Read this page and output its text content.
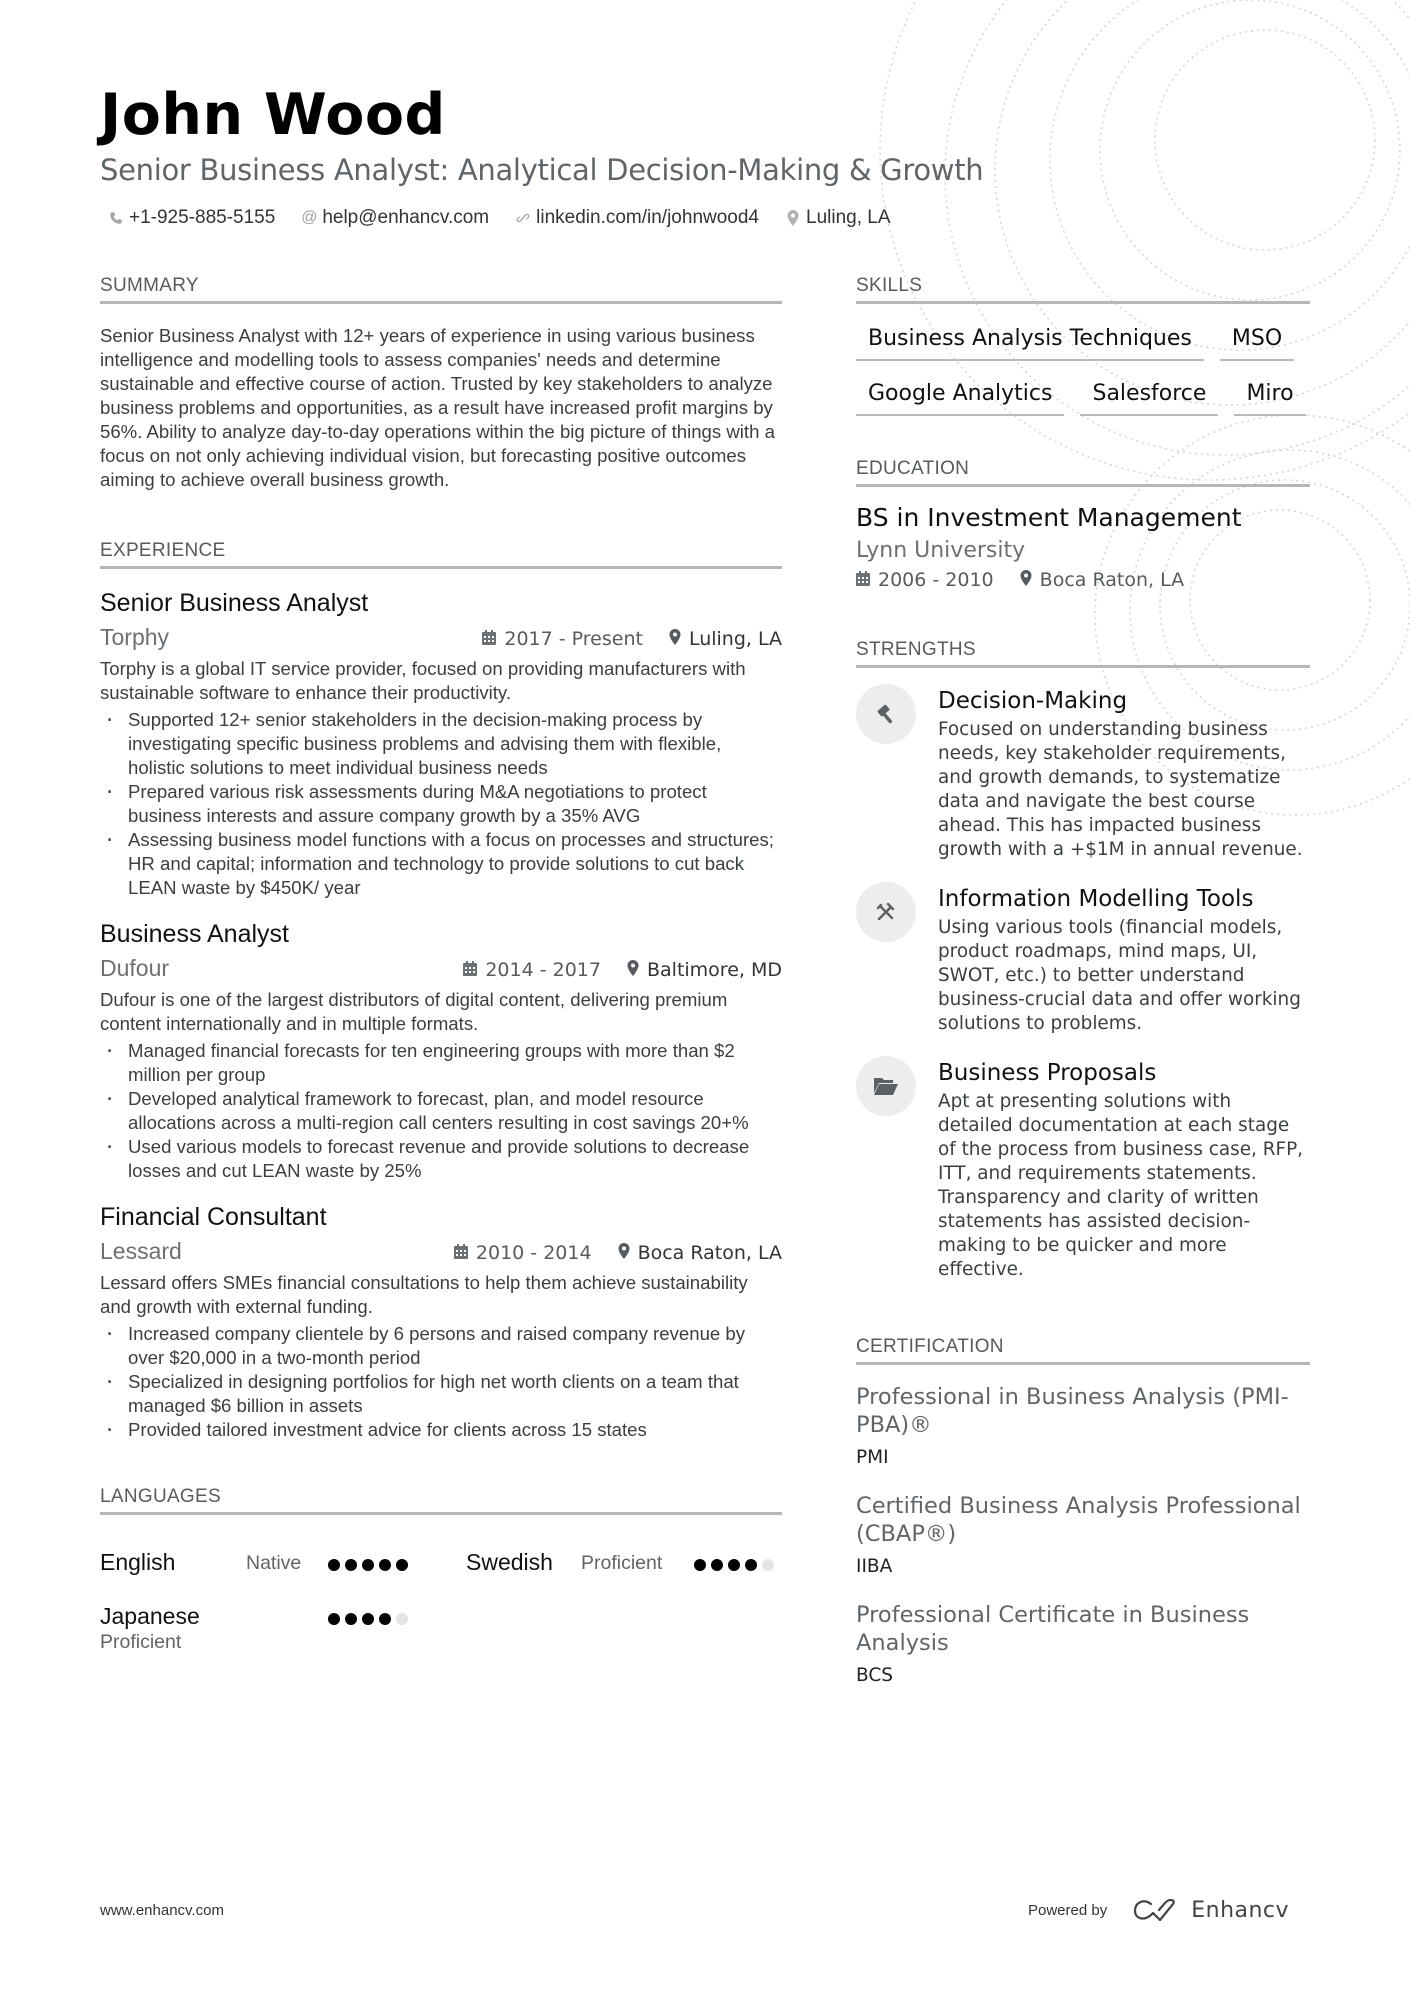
John Wood
Senior Business Analyst: Analytical Decision-Making & Growth
+1-925-885-5155 @ help@enhancv.com linkedin.com/in/johnwood4 Luling, LA
SUMMARY

Senior Business Analyst with 12+ years of experience in using various business intelligence and modelling tools to assess companies' needs and determine sustainable and effective course of action. Trusted by key stakeholders to analyze business problems and opportunities, as a result have increased profit margins by 56%. Ability to analyze day-to-day operations within the big picture of things with a focus on not only achieving individual vision, but forecasting positive outcomes aiming to achieve overall business growth.

EXPERIENCE
Senior Business Analyst
Torphy	2017 - Present Luling, LA

Torphy is a global IT service provider, focused on providing manufacturers with sustainable software to enhance their productivity.

· Supported 12+ senior stakeholders in the decision-making process by investigating specific business problems and advising them with flexible, holistic solutions to meet individual business needs
· Prepared various risk assessments during M&A negotiations to protect business interests and assure company growth by a 35% AVG
· Assessing business model functions with a focus on processes and structures; HR and capital; information and technology to provide solutions to cut back LEAN waste by $450K/ year
Business Analyst
Dufour	2014 - 2017 Baltimore, MD

Dufour is one of the largest distributors of digital content, delivering premium content internationally and in multiple formats.

· Managed financial forecasts for ten engineering groups with more than $2 million per group
· Developed analytical framework to forecast, plan, and model resource allocations across a multi-region call centers resulting in cost savings 20+%
· Used various models to forecast revenue and provide solutions to decrease losses and cut LEAN waste by 25%
Financial Consultant
Lessard	2010 - 2014 Boca Raton, LA

Lessard offers SMEs financial consultations to help them achieve sustainability and growth with external funding.

· Increased company clientele by 6 persons and raised company revenue by over $20,000 in a two-month period
· Specialized in designing portfolios for high net worth clients on a team that managed $6 billion in assets
· Provided tailored investment advice for clients across 15 states
LANGUAGES
English	Native	Swedish Proficient
Japanese
Proficient
SKILLS
Business Analysis Techniques	MSO
Google Analytics	Salesforce	Miro
EDUCATION
BS in Investment Management
Lynn University
2006 - 2010 Boca Raton, LA
STRENGTHS
Decision-Making
Focused on understanding business needs, key stakeholder requirements, and growth demands, to systematize data and navigate the best course ahead. This has impacted business growth with a +$1M in annual revenue.
Information Modelling Tools
Using various tools (financial models, product roadmaps, mind maps, UI, SWOT, etc.) to better understand business-crucial data and offer working solutions to problems.
Business Proposals
Apt at presenting solutions with detailed documentation at each stage of the process from business case, RFP, ITT, and requirements statements. Transparency and clarity of written statements has assisted decision-making to be quicker and more effective.
CERTIFICATION
Professional in Business Analysis (PMI-PBA)®
PMI
Certified Business Analysis Professional (CBAP®)
IIBA
Professional Certificate in Business Analysis
BCS
www.enhancv.com	Powered by	Enhancv
